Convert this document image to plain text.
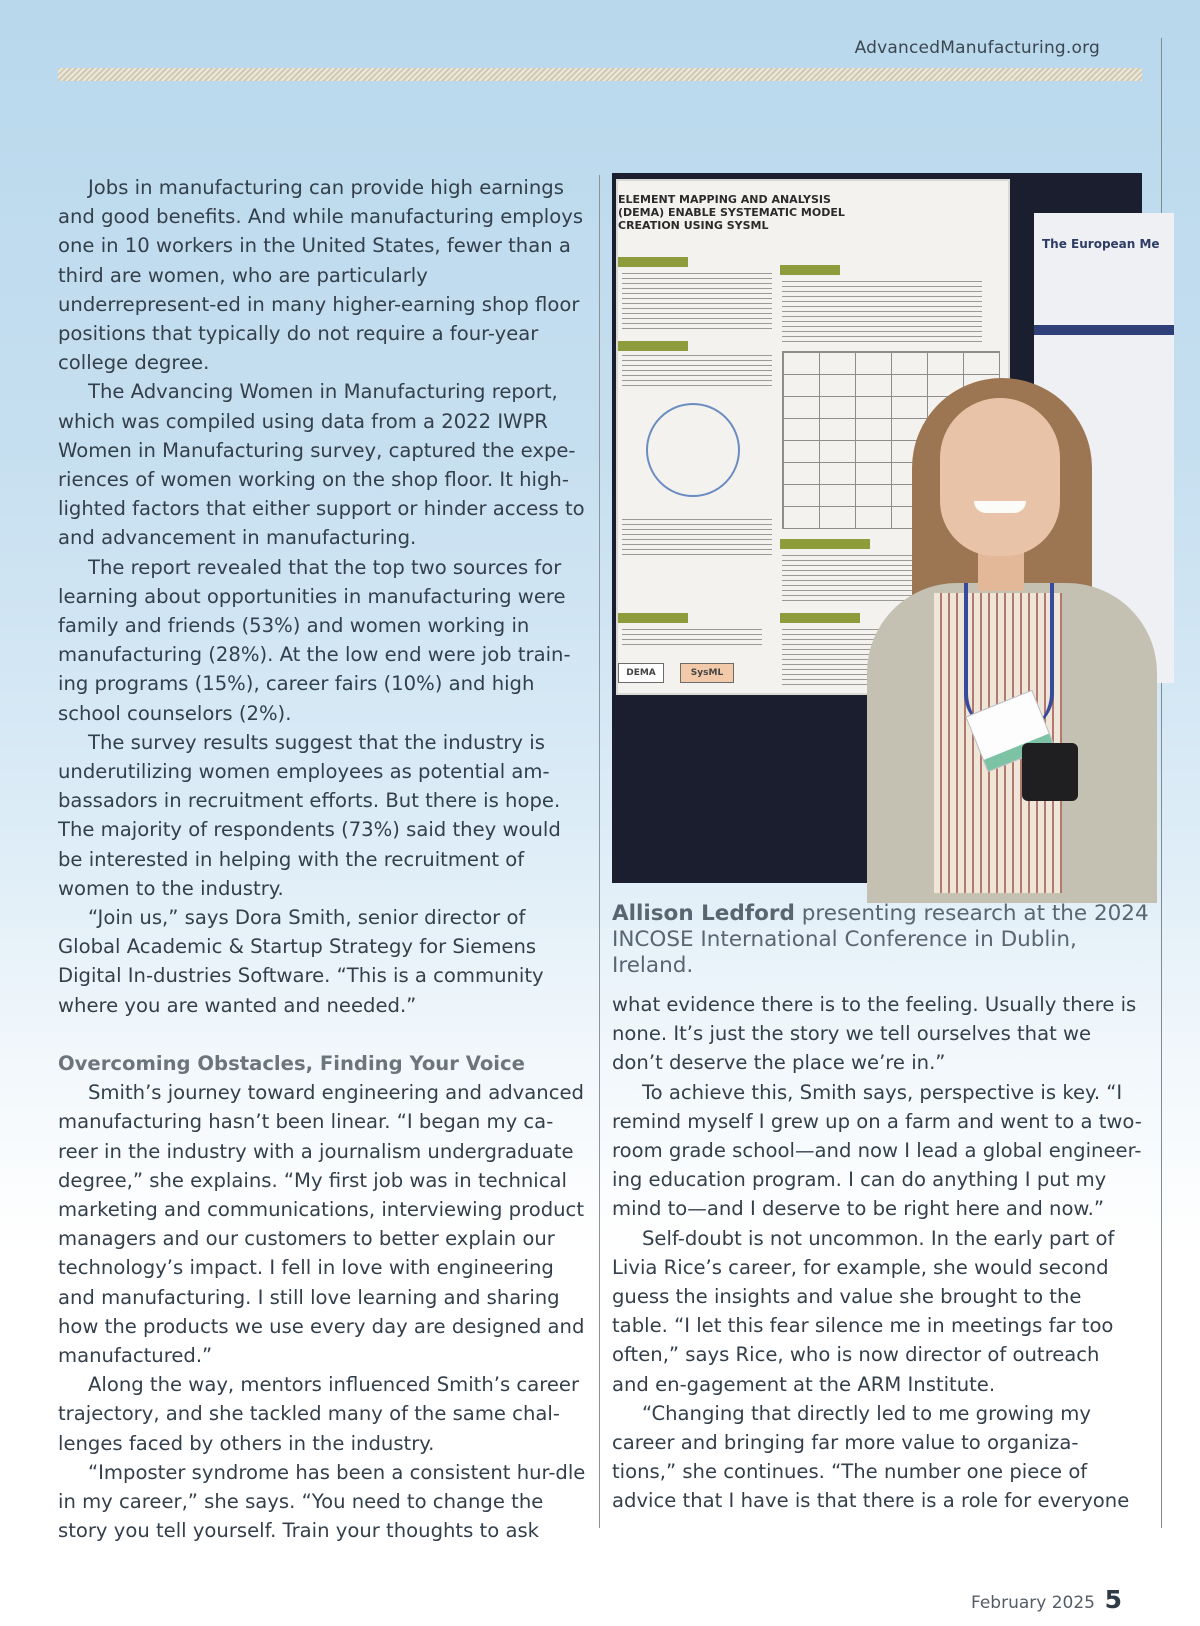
AdvancedManufacturing.org

Jobs in manufacturing can provide high earnings and good benefits. And while manufacturing employs one in 10 workers in the United States, fewer than a third are women, who are particularly underrepresent-ed in many higher-earning shop floor positions that typically do not require a four-year college degree.

The Advancing Women in Manufacturing report, which was compiled using data from a 2022 IWPR Women in Manufacturing survey, captured the expe-riences of women working on the shop floor. It high-lighted factors that either support or hinder access to and advancement in manufacturing.

The report revealed that the top two sources for learning about opportunities in manufacturing were family and friends (53%) and women working in manufacturing (28%). At the low end were job train-ing programs (15%), career fairs (10%) and high school counselors (2%).

The survey results suggest that the industry is underutilizing women employees as potential am-bassadors in recruitment efforts. But there is hope. The majority of respondents (73%) said they would be interested in helping with the recruitment of women to the industry.

“Join us,” says Dora Smith, senior director of Global Academic & Startup Strategy for Siemens Digital In-dustries Software. “This is a community where you are wanted and needed.”

Overcoming Obstacles, Finding Your Voice

Smith’s journey toward engineering and advanced manufacturing hasn’t been linear. “I began my ca-reer in the industry with a journalism undergraduate degree,” she explains. “My first job was in technical marketing and communications, interviewing product managers and our customers to better explain our technology’s impact. I fell in love with engineering and manufacturing. I still love learning and sharing how the products we use every day are designed and manufactured.”

Along the way, mentors influenced Smith’s career trajectory, and she tackled many of the same chal-lenges faced by others in the industry.

“Imposter syndrome has been a consistent hur-dle in my career,” she says. “You need to change the story you tell yourself. Train your thoughts to ask

ELEMENT MAPPING AND ANALYSIS (DEMA) ENABLE SYSTEMATIC MODEL CREATION USING SYSML
DEMA	SysML
The European Me
Allison Ledford presenting research at the 2024 INCOSE International Conference in Dublin, Ireland.

what evidence there is to the feeling. Usually there is none. It’s just the story we tell ourselves that we don’t deserve the place we’re in.”

To achieve this, Smith says, perspective is key. “I remind myself I grew up on a farm and went to a two-room grade school—and now I lead a global engineer-ing education program. I can do anything I put my mind to—and I deserve to be right here and now.”

Self-doubt is not uncommon. In the early part of Livia Rice’s career, for example, she would second guess the insights and value she brought to the table. “I let this fear silence me in meetings far too often,” says Rice, who is now director of outreach and en-gagement at the ARM Institute.

“Changing that directly led to me growing my career and bringing far more value to organiza-tions,” she continues. “The number one piece of advice that I have is that there is a role for everyone

February 2025 5
